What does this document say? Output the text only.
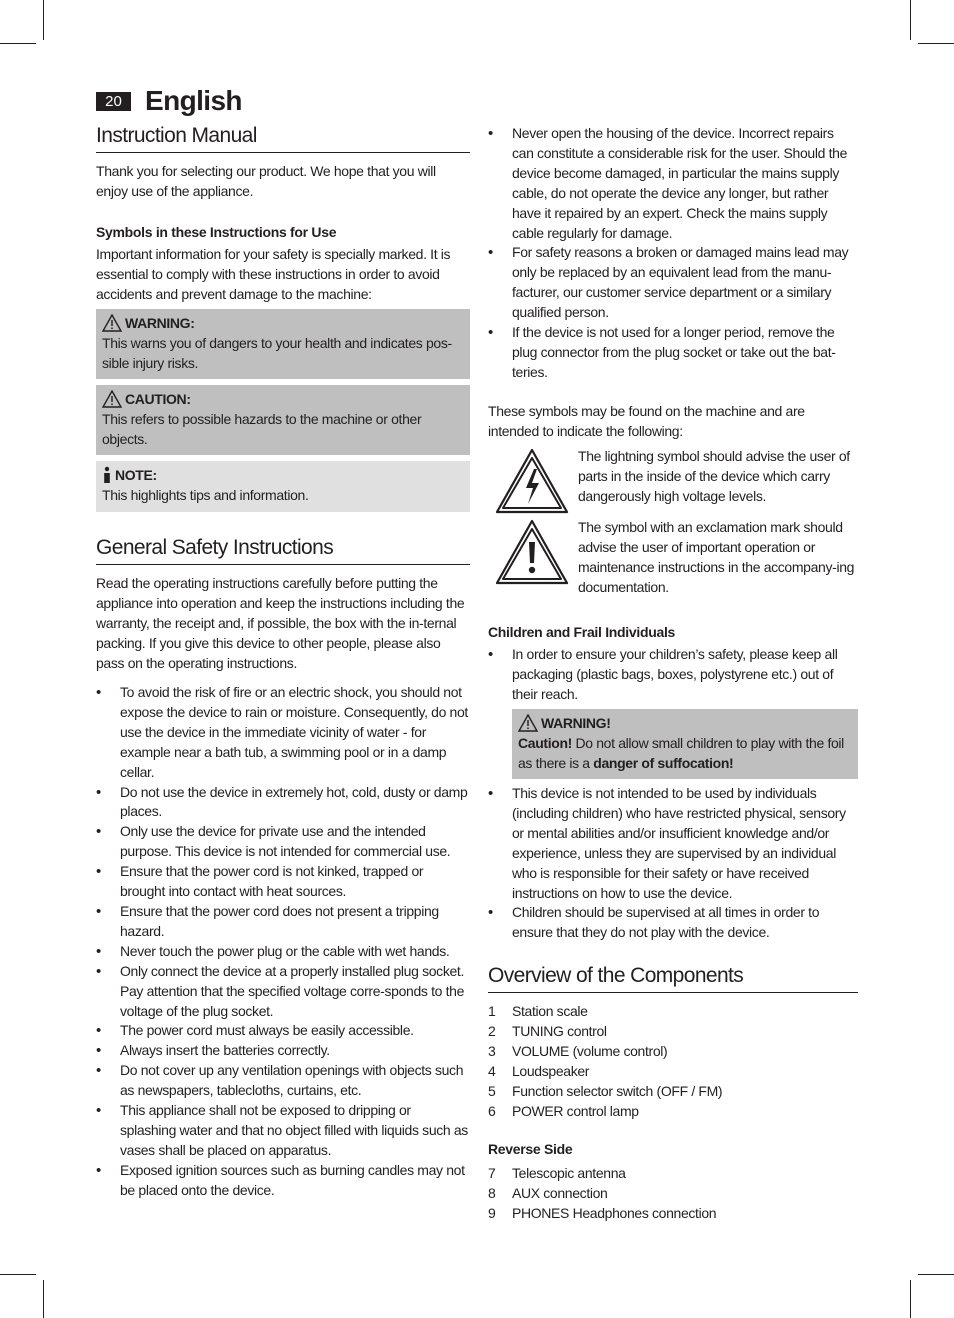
20 English
Instruction Manual
Thank you for selecting our product. We hope that you will enjoy use of the appliance.
Symbols in these Instructions for Use
Important information for your safety is specially marked. It is essential to comply with these instructions in order to avoid accidents and prevent damage to the machine:
WARNING:
This warns you of dangers to your health and indicates pos-sible injury risks.
CAUTION:
This refers to possible hazards to the machine or other objects.
NOTE:
This highlights tips and information.
General Safety Instructions
Read the operating instructions carefully before putting the appliance into operation and keep the instructions including the warranty, the receipt and, if possible, the box with the in-ternal packing. If you give this device to other people, please also pass on the operating instructions.
• To avoid the risk of fire or an electric shock, you should not expose the device to rain or moisture. Consequently, do not use the device in the immediate vicinity of water - for example near a bath tub, a swimming pool or in a damp cellar.
• Do not use the device in extremely hot, cold, dusty or damp places.
• Only use the device for private use and the intended purpose. This device is not intended for commercial use.
• Ensure that the power cord is not kinked, trapped or brought into contact with heat sources.
• Ensure that the power cord does not present a tripping hazard.
• Never touch the power plug or the cable with wet hands.
• Only connect the device at a properly installed plug socket. Pay attention that the specified voltage corre-sponds to the voltage of the plug socket.
• The power cord must always be easily accessible.
• Always insert the batteries correctly.
• Do not cover up any ventilation openings with objects such as newspapers, tablecloths, curtains, etc.
• This appliance shall not be exposed to dripping or splashing water and that no object filled with liquids such as vases shall be placed on apparatus.
• Exposed ignition sources such as burning candles may not be placed onto the device.
• Never open the housing of the device. Incorrect repairs can constitute a considerable risk for the user. Should the device become damaged, in particular the mains supply cable, do not operate the device any longer, but rather have it repaired by an expert. Check the mains supply cable regularly for damage.
• For safety reasons a broken or damaged mains lead may only be replaced by an equivalent lead from the manu-facturer, our customer service department or a similary qualified person.
• If the device is not used for a longer period, remove the plug connector from the plug socket or take out the bat-teries.
These symbols may be found on the machine and are intended to indicate the following:
The lightning symbol should advise the user of parts in the inside of the device which carry dangerously high voltage levels.
The symbol with an exclamation mark should advise the user of important operation or maintenance instructions in the accompany-ing documentation.
Children and Frail Individuals
• In order to ensure your children’s safety, please keep all packaging (plastic bags, boxes, polystyrene etc.) out of their reach.
WARNING!
Caution! Do not allow small children to play with the foil as there is a danger of suffocation!
• This device is not intended to be used by individuals (including children) who have restricted physical, sensory or mental abilities and/or insufficient knowledge and/or experience, unless they are supervised by an individual who is responsible for their safety or have received instructions on how to use the device.
• Children should be supervised at all times in order to ensure that they do not play with the device.
Overview of the Components
1	Station scale
2	TUNING control
3	VOLUME (volume control)
4	Loudspeaker
5	Function selector switch (OFF / FM)
6	POWER control lamp
Reverse Side
7	Telescopic antenna
8	AUX connection
9	PHONES Headphones connection
